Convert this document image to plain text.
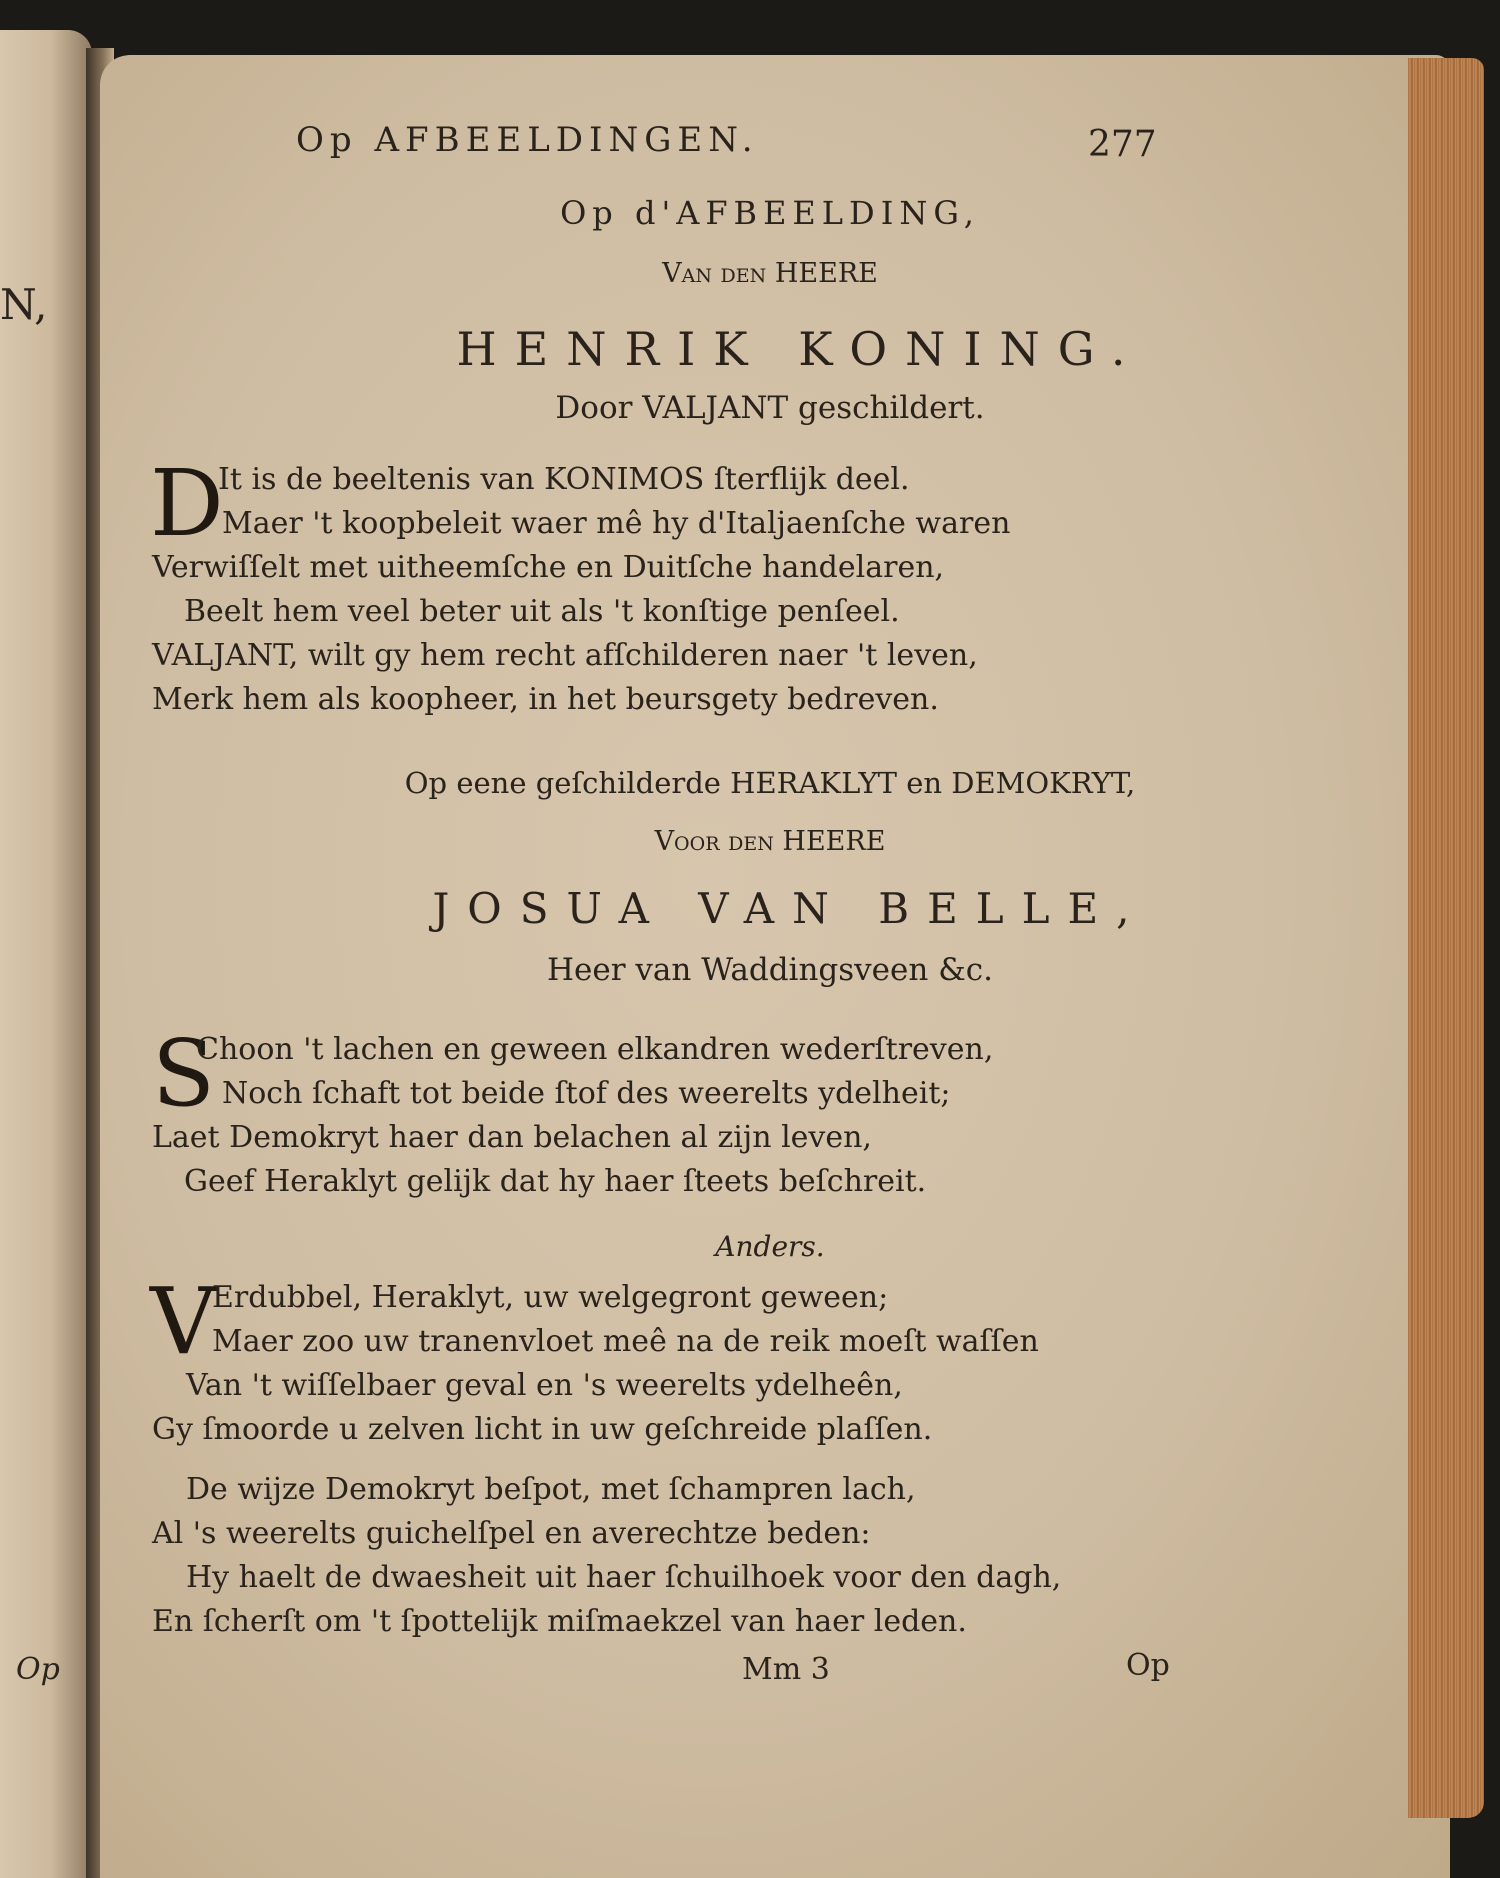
N,
Op
Op AFBEELDINGEN.	277
Op d'AFBEELDING,
Van den HEERE
HENRIK KONING.
Door VALJANT geschildert.
D
It is de beeltenis van KONIMOS ſterflijk deel.
Maer 't koopbeleit waer mê hy d'Italjaenſche waren
Verwiſſelt met uitheemſche en Duitſche handelaren,
Beelt hem veel beter uit als 't konſtige penſeel.
VALJANT, wilt gy hem recht afſchilderen naer 't leven,
Merk hem als koopheer, in het beursgety bedreven.
Op eene geſchilderde HERAKLYT en DEMOKRYT,
Voor den HEERE
JOSUA VAN BELLE,
Heer van Waddingsveen &c.
S
Choon 't lachen en geween elkandren wederſtreven,
Noch ſchaft tot beide ſtof des weerelts ydelheit;
Laet Demokryt haer dan belachen al zijn leven,
Geef Heraklyt gelijk dat hy haer ſteets beſchreit.
Anders.
V
Erdubbel, Heraklyt, uw welgegront geween;
Maer zoo uw tranenvloet meê na de reik moeſt waſſen
Van 't wiſſelbaer geval en 's weerelts ydelheên,
Gy ſmoorde u zelven licht in uw geſchreide plaſſen.
De wijze Demokryt beſpot, met ſchampren lach,
Al 's weerelts guichelſpel en averechtze beden:
Hy haelt de dwaesheit uit haer ſchuilhoek voor den dagh,
En ſcherſt om 't ſpottelijk miſmaekzel van haer leden.
Mm 3	Op
